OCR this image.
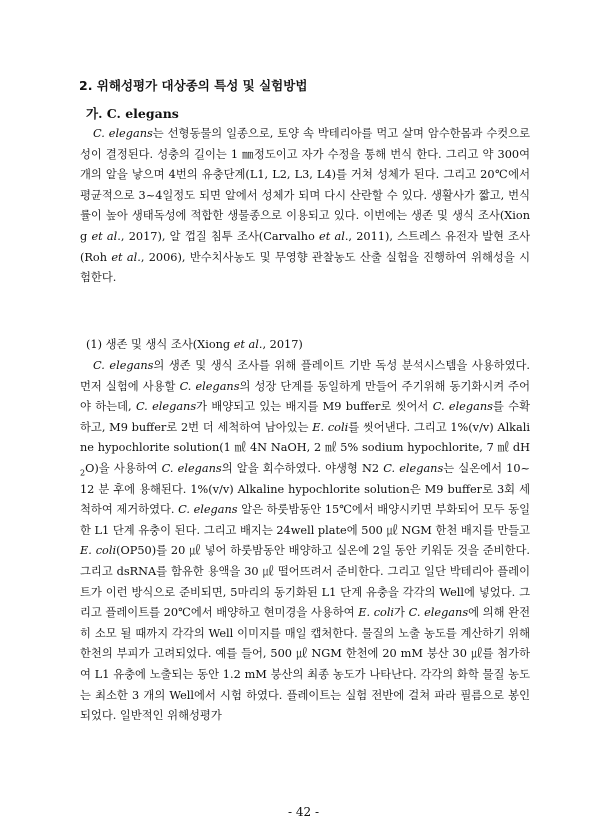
2. 위해성평가 대상종의 특성 및 실험방법
가. C. elegans
C. elegans는 선형동물의 일종으로, 토양 속 박테리아를 먹고 살며 암수한몸과 수컷으로 성이 결정된다. 성충의 길이는 1 ㎜정도이고 자가 수정을 통해 번식 한다. 그리고 약 300여개의 알을 낳으며 4번의 유충단계(L1, L2, L3, L4)를 거쳐 성체가 된다. 그리고 20℃에서 평균적으로 3~4일정도 되면 알에서 성체가 되며 다시 산란할 수 있다. 생활사가 짧고, 번식률이 높아 생태독성에 적합한 생물종으로 이용되고 있다. 이번에는 생존 및 생식 조사(Xiong et al., 2017), 알 껍질 침투 조사(Carvalho et al., 2011), 스트레스 유전자 발현 조사 (Roh et al., 2006), 반수치사농도 및 무영향 관찰농도 산출 실험을 진행하여 위해성을 시험한다.
(1) 생존 및 생식 조사(Xiong et al., 2017)
C. elegans의 생존 및 생식 조사를 위해 플레이트 기반 독성 분석시스템을 사용하였다. 먼저 실험에 사용할 C. elegans의 성장 단계를 동일하게 만들어 주기위해 동기화시켜 주어야 하는데, C. elegans가 배양되고 있는 배지를 M9 buffer로 씻어서 C. elegans를 수확하고, M9 buffer로 2번 더 세척하여 남아있는 E. coli를 씻어낸다. 그리고 1%(v/v) Alkaline hypochlorite solution(1 ㎖ 4N NaOH, 2 ㎖ 5% sodium hypochlorite, 7 ㎖ $dH_2O$)을 사용하여 C. elegans의 알을 회수하였다. 야생형 N2 C. elegans는 실온에서 10~12 분 후에 용해된다. 1%(v/v) Alkaline hypochlorite solution은 M9 buffer로 3회 세척하여 제거하였다. C. elegans 알은 하룻밤동안 15℃에서 배양시키면 부화되어 모두 동일한 L1 단계 유충이 된다. 그리고 배지는 24well plate에 500 ㎕ NGM 한천 배지를 만들고 E. coli(OP50)를 20 ㎕ 넣어 하룻밤동안 배양하고 실온에 2일 동안 키워둔 것을 준비한다. 그리고 dsRNA를 함유한 용액을 30 ㎕ 떨어뜨려서 준비한다. 그리고 일단 박테리아 플레이트가 이런 방식으로 준비되면, 5마리의 동기화된 L1 단계 유충을 각각의 Well에 넣었다. 그리고 플레이트를 20℃에서 배양하고 현미경을 사용하여 E. coli가 C. elegans에 의해 완전히 소모 될 때까지 각각의 Well 이미지를 매일 캡처한다. 물질의 노출 농도를 계산하기 위해 한천의 부피가 고려되었다. 예를 들어, 500 ㎕ NGM 한천에 20 mM 붕산 30 ㎕를 첨가하여 L1 유충에 노출되는 동안 1.2 mM 붕산의 최종 농도가 나타난다. 각각의 화학 물질 농도는 최소한 3 개의 Well에서 시험 하였다. 플레이트는 실험 전반에 걸쳐 파라 필름으로 봉인되었다. 일반적인 위해성평가
- 42 -
